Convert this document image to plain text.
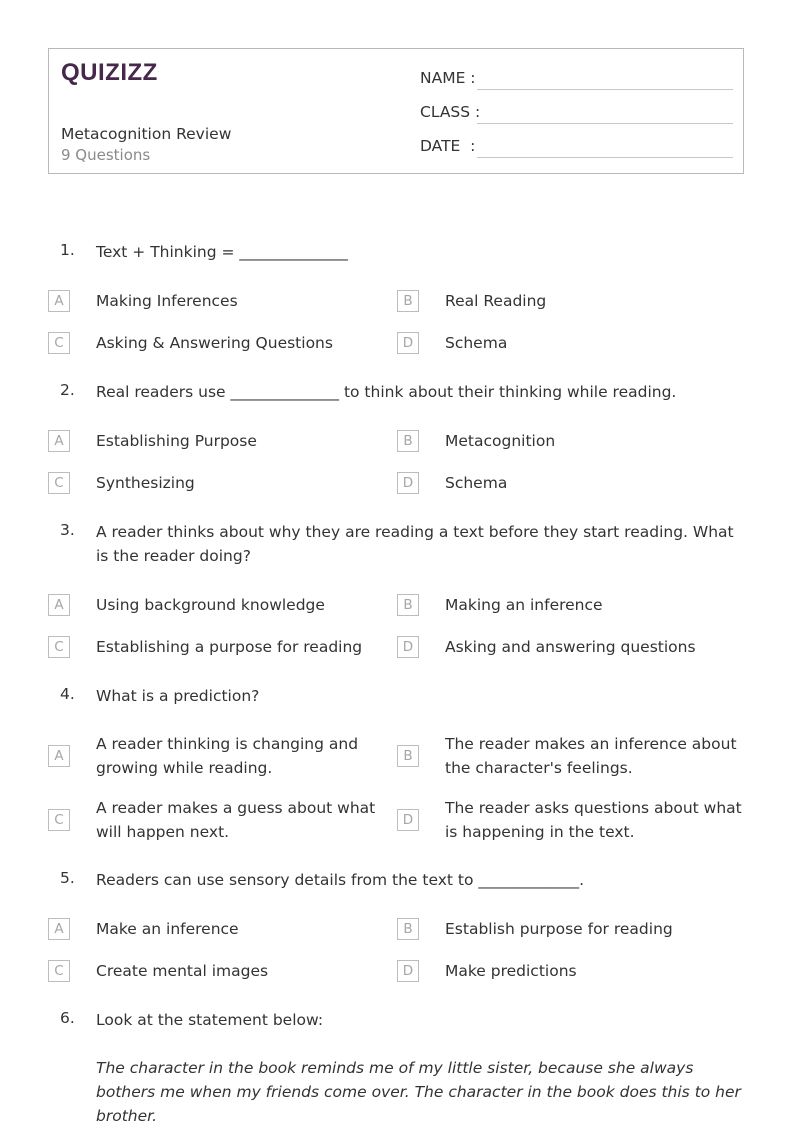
QUIZIZZ
Metacognition Review
9 Questions
NAME :
CLASS :
DATE  :
1. Text + Thinking = ______________
A	Making Inferences	B	Real Reading
C	Asking & Answering Questions	D	Schema
2. Real readers use ______________ to think about their thinking while reading.
A	Establishing Purpose	B	Metacognition
C	Synthesizing	D	Schema
3. A reader thinks about why they are reading a text before they start reading. What is the reader doing?
A	Using background knowledge	B	Making an inference
C	Establishing a purpose for reading	D	Asking and answering questions
4. What is a prediction?
A
A reader thinking is changing and growing while reading.
B
The reader makes an inference about the character's feelings.
C
A reader makes a guess about what will happen next.
D
The reader asks questions about what is happening in the text.
5. Readers can use sensory details from the text to _____________.
A	Make an inference	B	Establish purpose for reading
C	Create mental images	D	Make predictions
6. Look at the statement below:
The character in the book reminds me of my little sister, because she always bothers me when my friends come over. The character in the book does this to her brother.
